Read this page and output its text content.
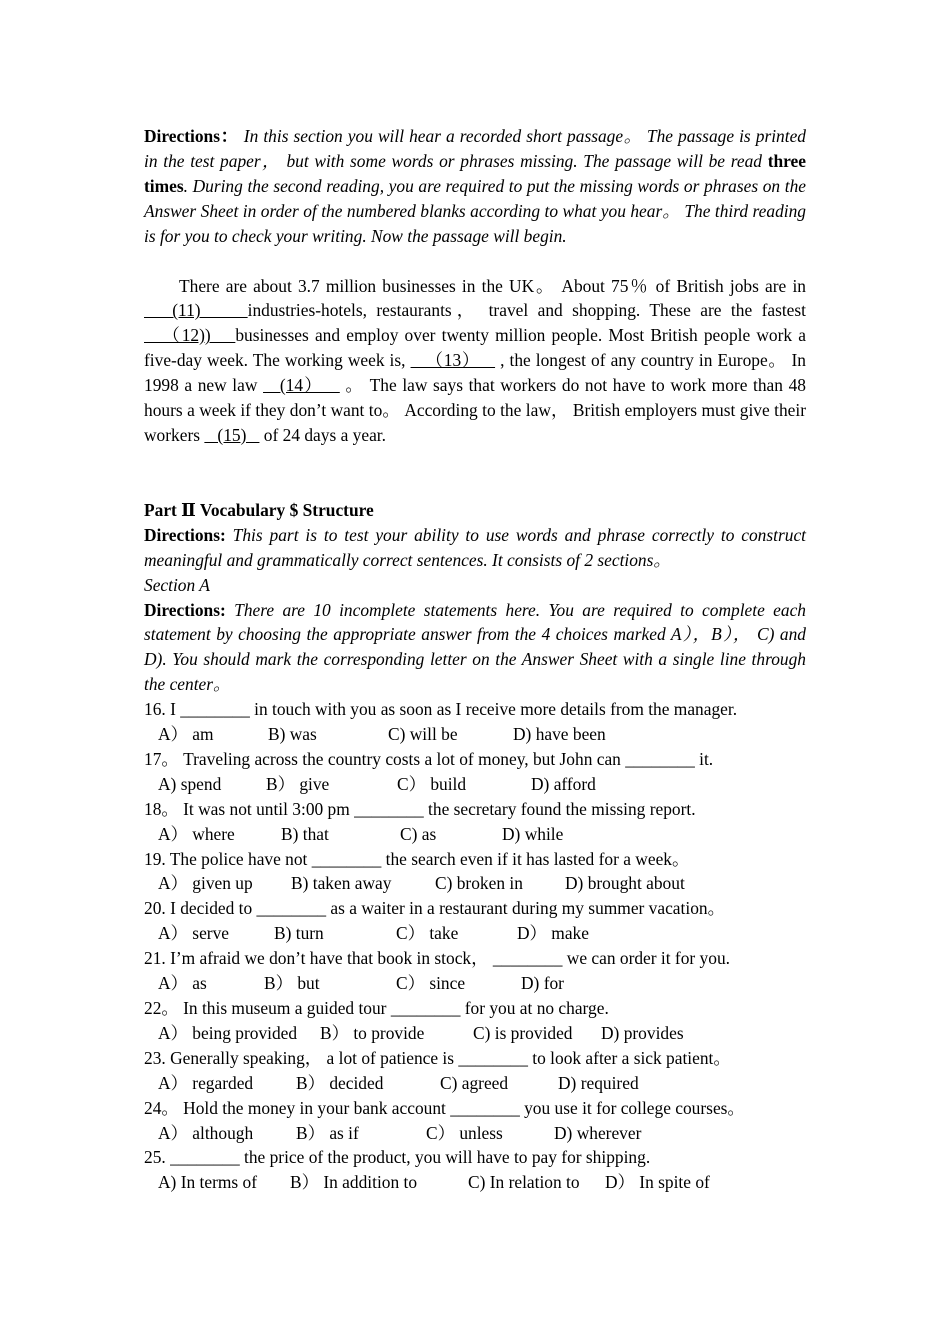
Directions： In this section you will hear a recorded short passage。 The passage is printed in the test paper， but with some words or phrases missing. The passage will be read three times. During the second reading, you are required to put the missing words or phrases on the Answer Sheet in order of the numbered blanks according to what you hear。 The third reading is for you to check your writing. Now the passage will begin.

There are about 3.7 million businesses in the UK。 About 75％ of British jobs are in    (11)     industries-hotels, restaurants， travel and shopping. These are the fastest    （12))    businesses and employ over twenty million people. Most British people work a five-day week. The working week is,    （13）    , the longest of any country in Europe。 In 1998 a new law    (14）    。 The law says that workers do not have to work more than 48 hours a week if they don’t want to。 According to the law， British employers must give their workers    (15)    of 24 days a year.

Part Ⅱ Vocabulary $ Structure

Directions: This part is to test your ability to use words and phrase correctly to construct meaningful and grammatically correct sentences. It consists of 2 sections。

Section A

Directions: There are 10 incomplete statements here. You are required to complete each statement by choosing the appropriate answer from the 4 choices marked A），B）， C) and D). You should mark the corresponding letter on the Answer Sheet with a single line through the center。

16. I ________ in touch with you as soon as I receive more details from the manager.

A） am	B) was	C) will be	D) have been

17。 Traveling across the country costs a lot of money, but John can ________ it.

A) spend	B） give	C） build	D) afford

18。 It was not until 3:00 pm ________ the secretary found the missing report.

A） where	B) that	C) as	D) while

19. The police have not ________ the search even if it has lasted for a week。

A） given up B) taken away	C) broken in D) brought about

20. I decided to ________ as a waiter in a restaurant during my summer vacation。

A） serve	B) turn	C） take	D） make

21. I’m afraid we don’t have that book in stock， ________ we can order it for you.

A） as	B） but	C） since	D) for

22。 In this museum a guided tour ________ for you at no charge.

A） being provided B） to provide	C) is provided D) provides

23. Generally speaking， a lot of patience is ________ to look after a sick patient。

A） regarded B） decided	C) agreed	D) required

24。 Hold the money in your bank account ________ you use it for college courses。

A） although B） as if	C） unless	D) wherever

25. ________ the price of the product, you will have to pay for shipping.

A) In terms of B） In addition to	C) In relation to D） In spite of
